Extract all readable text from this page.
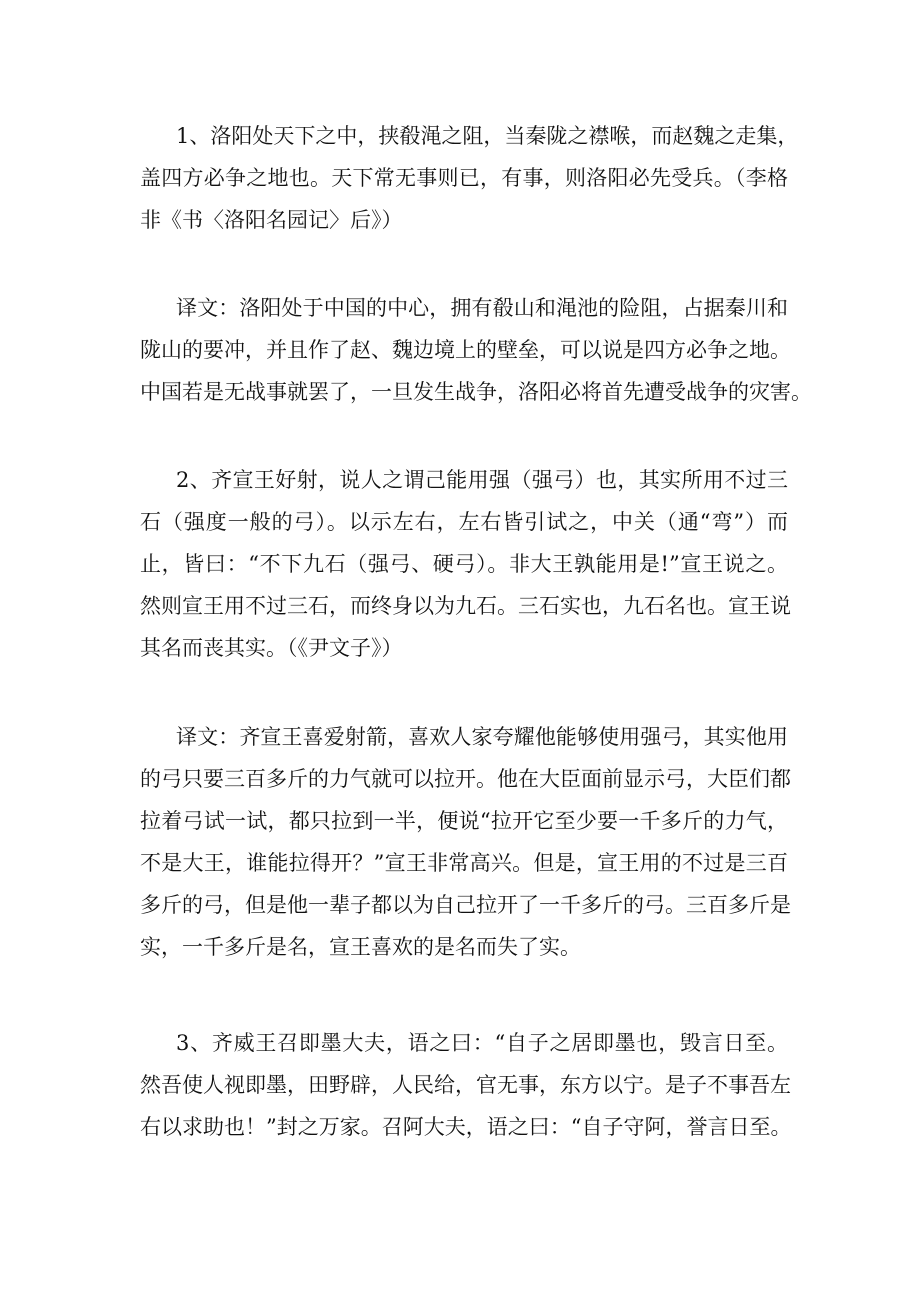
1、洛阳处天下之中，挟殽渑之阻，当秦陇之襟喉，而赵魏之走集，
盖四方必争之地也。天下常无事则已，有事，则洛阳必先受兵。（李格
非《书〈洛阳名园记〉后》）
译文：洛阳处于中国的中心，拥有殽山和渑池的险阻，占据秦川和
陇山的要冲，并且作了赵、魏边境上的壁垒，可以说是四方必争之地。
中国若是无战事就罢了，一旦发生战争，洛阳必将首先遭受战争的灾害。
2、齐宣王好射，说人之谓己能用强（强弓）也，其实所用不过三
石（强度一般的弓）。以示左右，左右皆引试之，中关（通“弯”）而
止，皆曰：“不下九石（强弓、硬弓）。非大王孰能用是!”宣王说之。
然则宣王用不过三石，而终身以为九石。三石实也，九石名也。宣王说
其名而丧其实。（《尹文子》）
译文：齐宣王喜爱射箭，喜欢人家夸耀他能够使用强弓，其实他用
的弓只要三百多斤的力气就可以拉开。他在大臣面前显示弓，大臣们都
拉着弓试一试，都只拉到一半，便说“拉开它至少要一千多斤的力气，
不是大王，谁能拉得开？”宣王非常高兴。但是，宣王用的不过是三百
多斤的弓，但是他一辈子都以为自己拉开了一千多斤的弓。三百多斤是
实，一千多斤是名，宣王喜欢的是名而失了实。
3、齐威王召即墨大夫，语之曰：“自子之居即墨也，毁言日至。
然吾使人视即墨，田野辟，人民给，官无事，东方以宁。是子不事吾左
右以求助也！”封之万家。召阿大夫，语之曰：“自子守阿，誉言日至。
